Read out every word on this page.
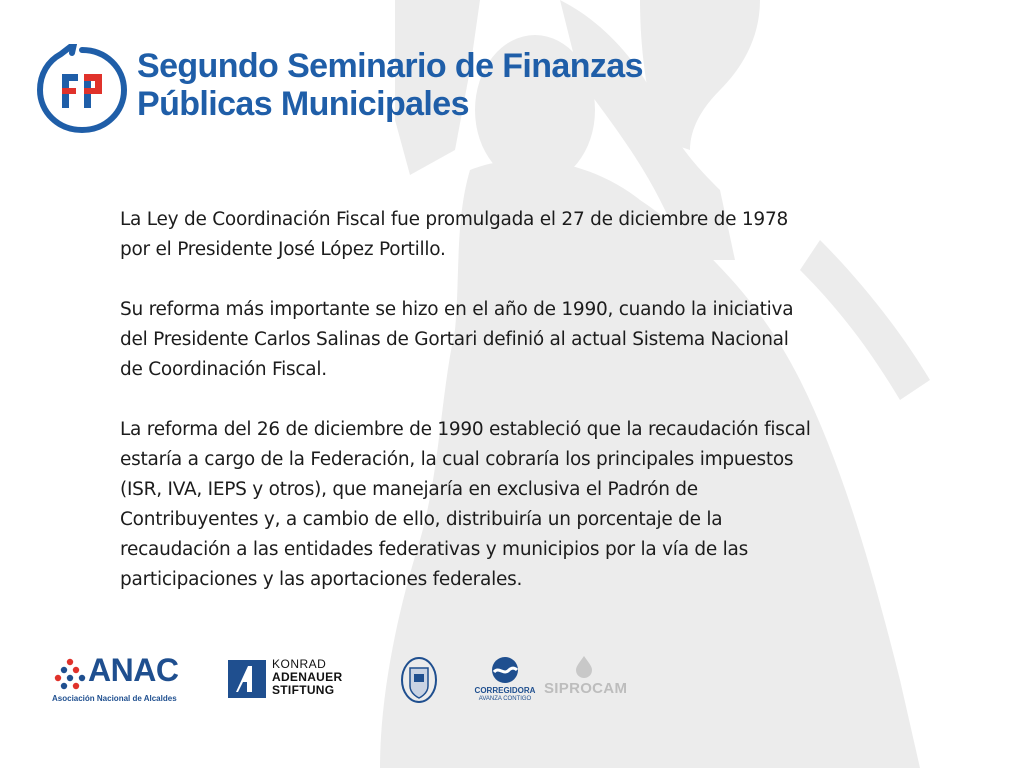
Segundo Seminario de Finanzas
Públicas Municipales

La Ley de Coordinación Fiscal fue promulgada el 27 de diciembre de 1978
por el Presidente José López Portillo.

Su reforma más importante se hizo en el año de 1990, cuando la iniciativa
del Presidente Carlos Salinas de Gortari definió al actual Sistema Nacional
de Coordinación Fiscal.

La reforma del 26 de diciembre de 1990 estableció que la recaudación fiscal
estaría a cargo de la Federación, la cual cobraría los principales impuestos
(ISR, IVA, IEPS y otros), que manejaría en exclusiva el Padrón de
Contribuyentes y, a cambio de ello, distribuiría un porcentaje de la
recaudación a las entidades federativas y municipios por la vía de las
participaciones y las aportaciones federales.

ANAC
Asociación Nacional de Alcaldes
KONRAD
ADENAUER
STIFTUNG	CORREGIDORA
AVANZA CONTIGO
SIPROCAM
